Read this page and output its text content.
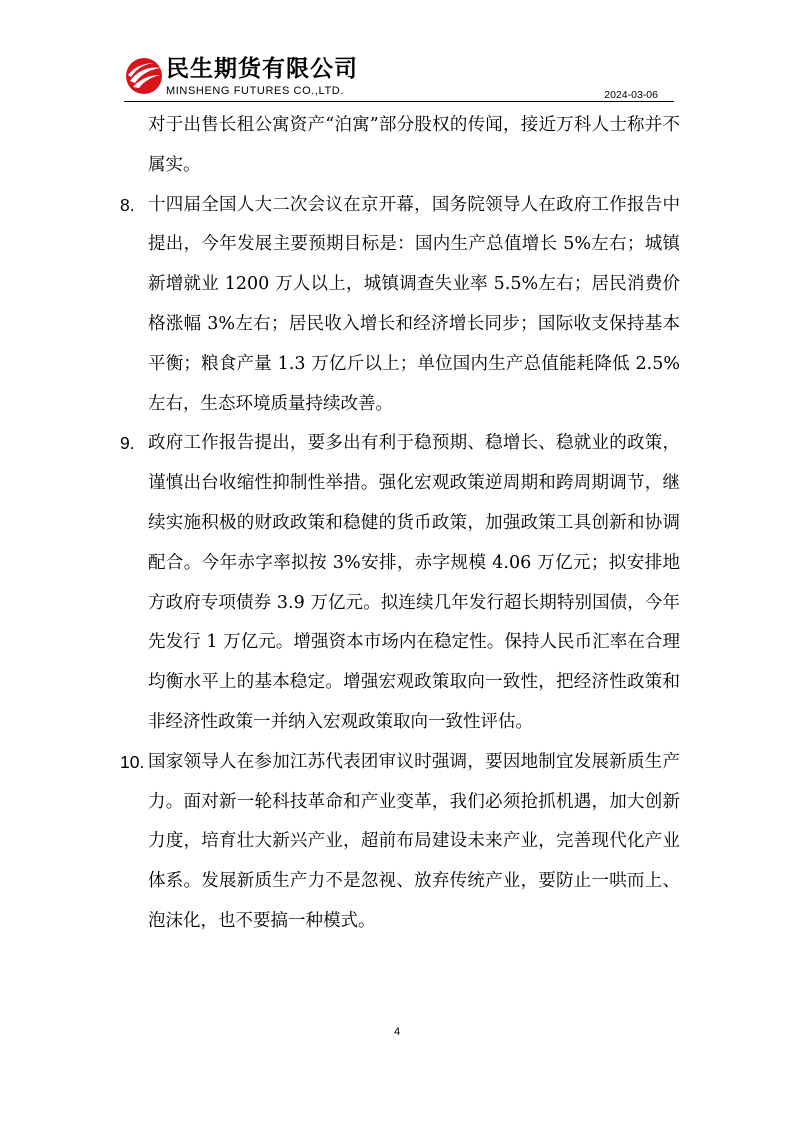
民生期货有限公司
MINSHENG FUTURES CO.,LTD.	2024-03-06
对于出售长租公寓资产“泊寓”部分股权的传闻，接近万科人士称并不属实。
8. 十四届全国人大二次会议在京开幕，国务院领导人在政府工作报告中提出，今年发展主要预期目标是：国内生产总值增长 5%左右；城镇新增就业 1200 万人以上，城镇调查失业率 5.5%左右；居民消费价格涨幅 3%左右；居民收入增长和经济增长同步；国际收支保持基本平衡；粮食产量 1.3 万亿斤以上；单位国内生产总值能耗降低 2.5%左右，生态环境质量持续改善。
9. 政府工作报告提出，要多出有利于稳预期、稳增长、稳就业的政策，谨慎出台收缩性抑制性举措。强化宏观政策逆周期和跨周期调节，继续实施积极的财政政策和稳健的货币政策，加强政策工具创新和协调配合。今年赤字率拟按 3%安排，赤字规模 4.06 万亿元；拟安排地方政府专项债券 3.9 万亿元。拟连续几年发行超长期特别国债，今年先发行 1 万亿元。增强资本市场内在稳定性。保持人民币汇率在合理均衡水平上的基本稳定。增强宏观政策取向一致性，把经济性政策和非经济性政策一并纳入宏观政策取向一致性评估。
10. 国家领导人在参加江苏代表团审议时强调，要因地制宜发展新质生产力。面对新一轮科技革命和产业变革，我们必须抢抓机遇，加大创新力度，培育壮大新兴产业，超前布局建设未来产业，完善现代化产业体系。发展新质生产力不是忽视、放弃传统产业，要防止一哄而上、泡沫化，也不要搞一种模式。
4
